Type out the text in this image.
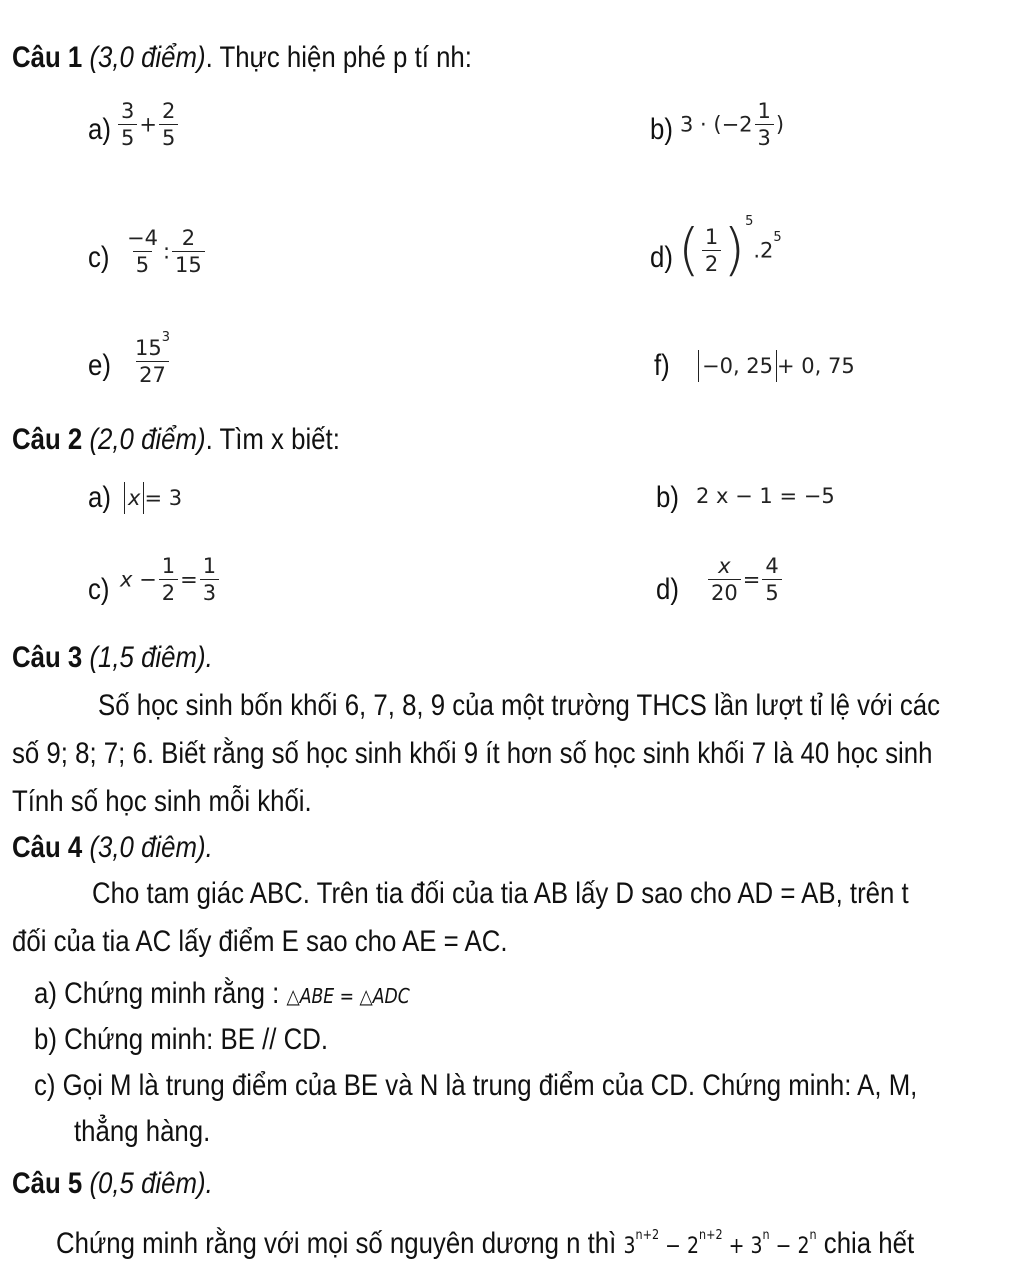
Câu 1 (3,0 điểm). Thực hiện phé p tí nh:
$a) \frac{3}{5} + \frac{2}{5}$	b) $3 \cdot (-2 \frac{1}{3}$ )
$c) \frac{-4}{5}$ : $\frac{2}{15}$	d) ( $\frac{1}{2} )^5.2^5$
$e) \frac{15^3}{27}$	f) −0, 25 + 0, 75
Câu 2 (2,0 điểm). Tìm x biết:
a) x = 3	b) 2 x − 1 = −5
c) $x - \frac{1}{2} = \frac{1}{3}$	$d) \frac{x}{20} = \frac{4}{5}$
Câu 3 (1,5 điêm).
Số học sinh bốn khối 6, 7, 8, 9 của một trường THCS lần lượt tỉ lệ với các
số 9; 8; 7; 6. Biết rằng số học sinh khối 9 ít hơn số học sinh khối 7 là 40 học sinh
Tính số học sinh mỗi khối.
Câu 4 (3,0 điêm).
Cho tam giác ABC. Trên tia đối của tia AB lấy D sao cho AD = AB, trên t
đối của tia AC lấy điểm E sao cho AE = AC.
a) Chứng minh rằng : △ABE = △ADC
b) Chứng minh: BE // CD.
c) Gọi M là trung điểm của BE và N là trung điểm của CD. Chứng minh: A, M,
thẳng hàng.
Câu 5 (0,5 điêm).
Chứng minh rằng với mọi số nguyên dương n thì $3^{n+2} - 2^{n+2} + 3^n - 2^n$ chia hết
